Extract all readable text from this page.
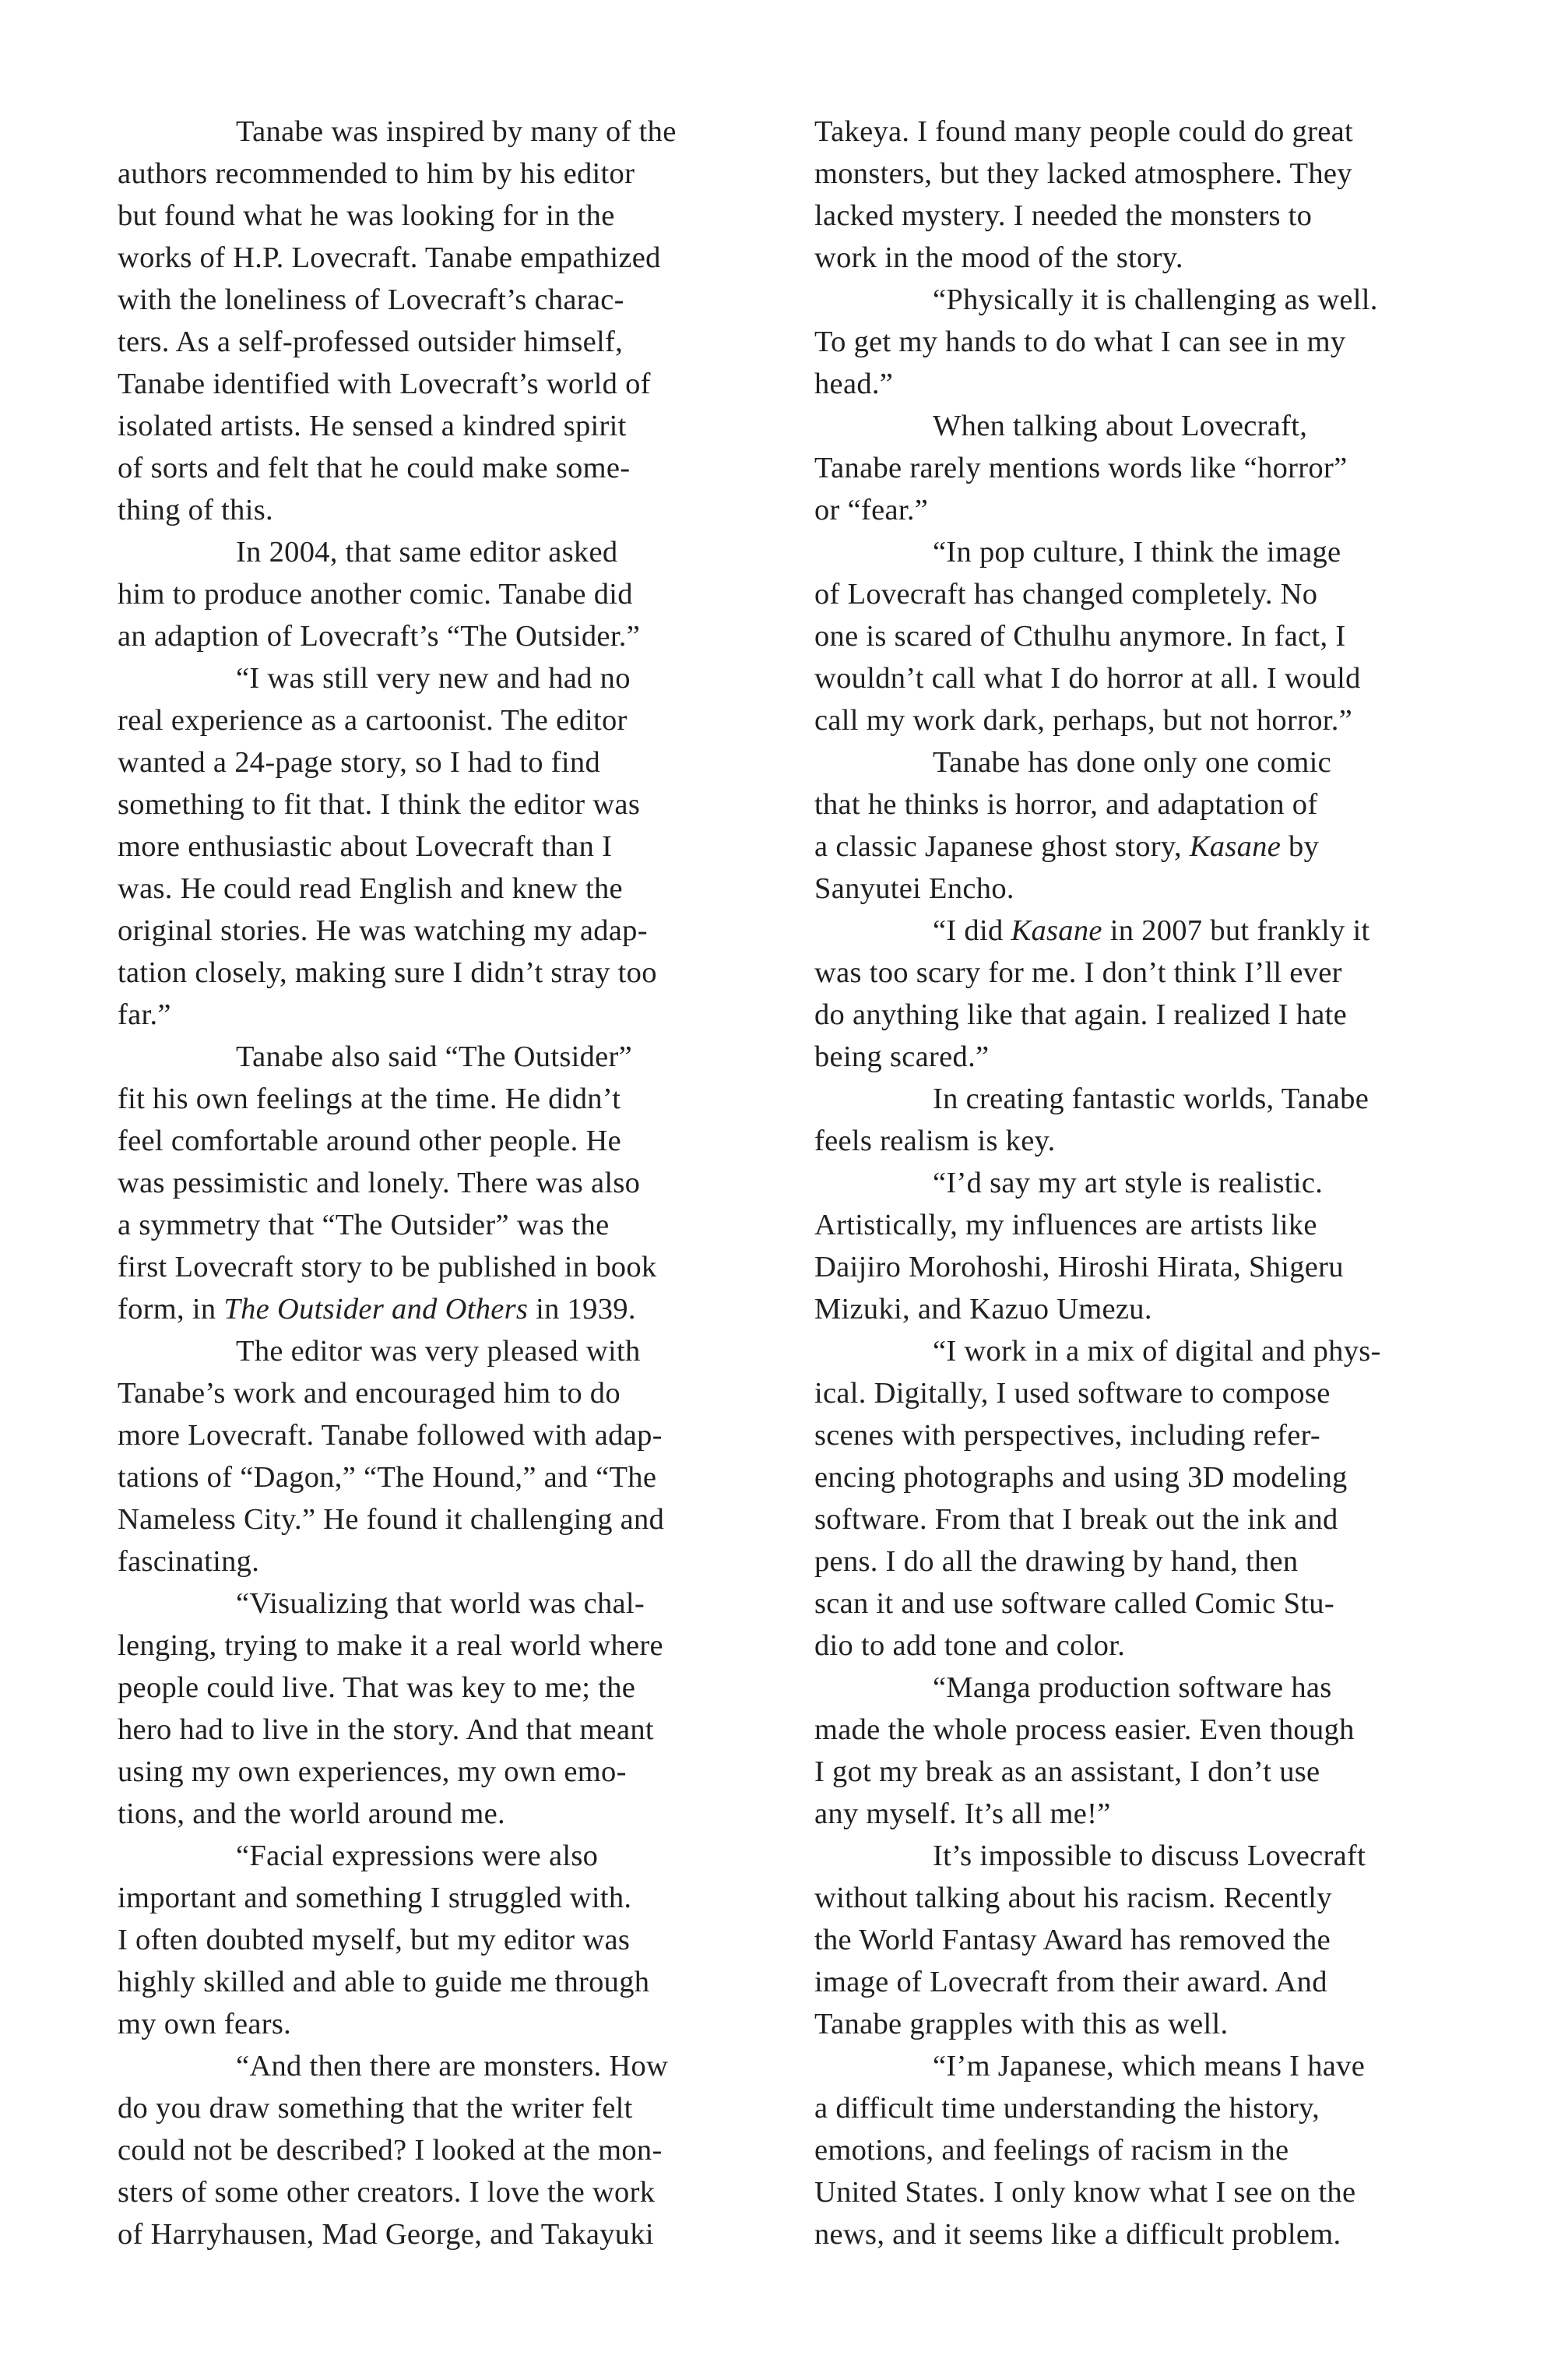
Tanabe was inspired by many of the
authors recommended to him by his editor
but found what he was looking for in the
works of H.P. Lovecraft. Tanabe empathized
with the loneliness of Lovecraft’s charac-
ters. As a self-professed outsider himself,
Tanabe identified with Lovecraft’s world of
isolated artists. He sensed a kindred spirit
of sorts and felt that he could make some-
thing of this.
In 2004, that same editor asked
him to produce another comic. Tanabe did
an adaption of Lovecraft’s “The Outsider.”
“I was still very new and had no
real experience as a cartoonist. The editor
wanted a 24-page story, so I had to find
something to fit that. I think the editor was
more enthusiastic about Lovecraft than I
was. He could read English and knew the
original stories. He was watching my adap-
tation closely, making sure I didn’t stray too
far.”
Tanabe also said “The Outsider”
fit his own feelings at the time. He didn’t
feel comfortable around other people. He
was pessimistic and lonely. There was also
a symmetry that “The Outsider” was the
first Lovecraft story to be published in book
form, in The Outsider and Others in 1939.
The editor was very pleased with
Tanabe’s work and encouraged him to do
more Lovecraft. Tanabe followed with adap-
tations of “Dagon,” “The Hound,” and “The
Nameless City.” He found it challenging and
fascinating.
“Visualizing that world was chal-
lenging, trying to make it a real world where
people could live. That was key to me; the
hero had to live in the story. And that meant
using my own experiences, my own emo-
tions, and the world around me.
“Facial expressions were also
important and something I struggled with.
I often doubted myself, but my editor was
highly skilled and able to guide me through
my own fears.
“And then there are monsters. How
do you draw something that the writer felt
could not be described? I looked at the mon-
sters of some other creators. I love the work
of Harryhausen, Mad George, and Takayuki
Takeya. I found many people could do great
monsters, but they lacked atmosphere. They
lacked mystery. I needed the monsters to
work in the mood of the story.
“Physically it is challenging as well.
To get my hands to do what I can see in my
head.”
When talking about Lovecraft,
Tanabe rarely mentions words like “horror”
or “fear.”
“In pop culture, I think the image
of Lovecraft has changed completely. No
one is scared of Cthulhu anymore. In fact, I
wouldn’t call what I do horror at all. I would
call my work dark, perhaps, but not horror.”
Tanabe has done only one comic
that he thinks is horror, and adaptation of
a classic Japanese ghost story, Kasane by
Sanyutei Encho.
“I did Kasane in 2007 but frankly it
was too scary for me. I don’t think I’ll ever
do anything like that again. I realized I hate
being scared.”
In creating fantastic worlds, Tanabe
feels realism is key.
“I’d say my art style is realistic.
Artistically, my influences are artists like
Daijiro Morohoshi, Hiroshi Hirata, Shigeru
Mizuki, and Kazuo Umezu.
“I work in a mix of digital and phys-
ical. Digitally, I used software to compose
scenes with perspectives, including refer-
encing photographs and using 3D modeling
software. From that I break out the ink and
pens. I do all the drawing by hand, then
scan it and use software called Comic Stu-
dio to add tone and color.
“Manga production software has
made the whole process easier. Even though
I got my break as an assistant, I don’t use
any myself. It’s all me!”
It’s impossible to discuss Lovecraft
without talking about his racism. Recently
the World Fantasy Award has removed the
image of Lovecraft from their award. And
Tanabe grapples with this as well.
“I’m Japanese, which means I have
a difficult time understanding the history,
emotions, and feelings of racism in the
United States. I only know what I see on the
news, and it seems like a difficult problem.
